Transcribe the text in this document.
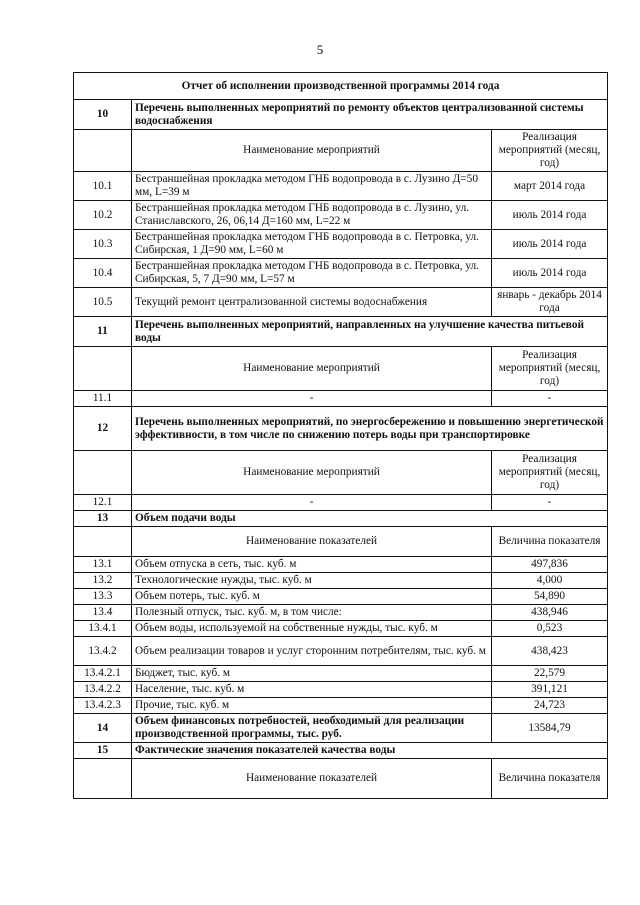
5
Отчет об исполнении производственной программы 2014 года		
10	Перечень выполненных мероприятий по ремонту объектов централизованной системы водоснабжения	
	Наименование мероприятий	Реализация мероприятий (месяц, год)
10.1	Бестраншейная прокладка методом ГНБ водопровода в с. Лузино Д=50 мм, L=39 м	март 2014 года
10.2	Бестраншейная прокладка методом ГНБ водопровода в с. Лузино, ул. Станиславского, 26, 06,14 Д=160 мм, L=22 м	июль 2014 года
10.3	Бестраншейная прокладка методом ГНБ водопровода в с. Петровка, ул. Сибирская, 1 Д=90 мм, L=60 м	июль 2014 года
10.4	Бестраншейная прокладка методом ГНБ водопровода в с. Петровка, ул. Сибирская, 5, 7 Д=90 мм, L=57 м	июль 2014 года
10.5	Текущий ремонт централизованной системы водоснабжения	январь - декабрь 2014 года
11	Перечень выполненных мероприятий, направленных на улучшение качества питьевой воды	
	Наименование мероприятий	Реализация мероприятий (месяц, год)
11.1	-	-
12	Перечень выполненных мероприятий, по энергосбережению и повышению энергетической эффективности, в том числе по снижению потерь воды при транспортировке	
	Наименование мероприятий	Реализация мероприятий (месяц, год)
12.1	-	-
13	Объем подачи воды	
	Наименование показателей	Величина показателя
13.1	Объем отпуска в сеть, тыс. куб. м	497,836
13.2	Технологические нужды, тыс. куб. м	4,000
13.3	Объем потерь, тыс. куб. м	54,890
13.4	Полезный отпуск, тыс. куб. м, в том числе:	438,946
13.4.1	Объем воды, используемой на собственные нужды, тыс. куб. м	0,523
13.4.2	Объем реализации товаров и услуг сторонним потребителям, тыс. куб. м	438,423
13.4.2.1	Бюджет, тыс. куб. м	22,579
13.4.2.2	Население, тыс. куб. м	391,121
13.4.2.3	Прочие, тыс. куб. м	24,723
14	Объем финансовых потребностей, необходимый для реализации производственной программы, тыс. руб.	13584,79
15	Фактические значения показателей качества воды	
	Наименование показателей	Величина показателя
